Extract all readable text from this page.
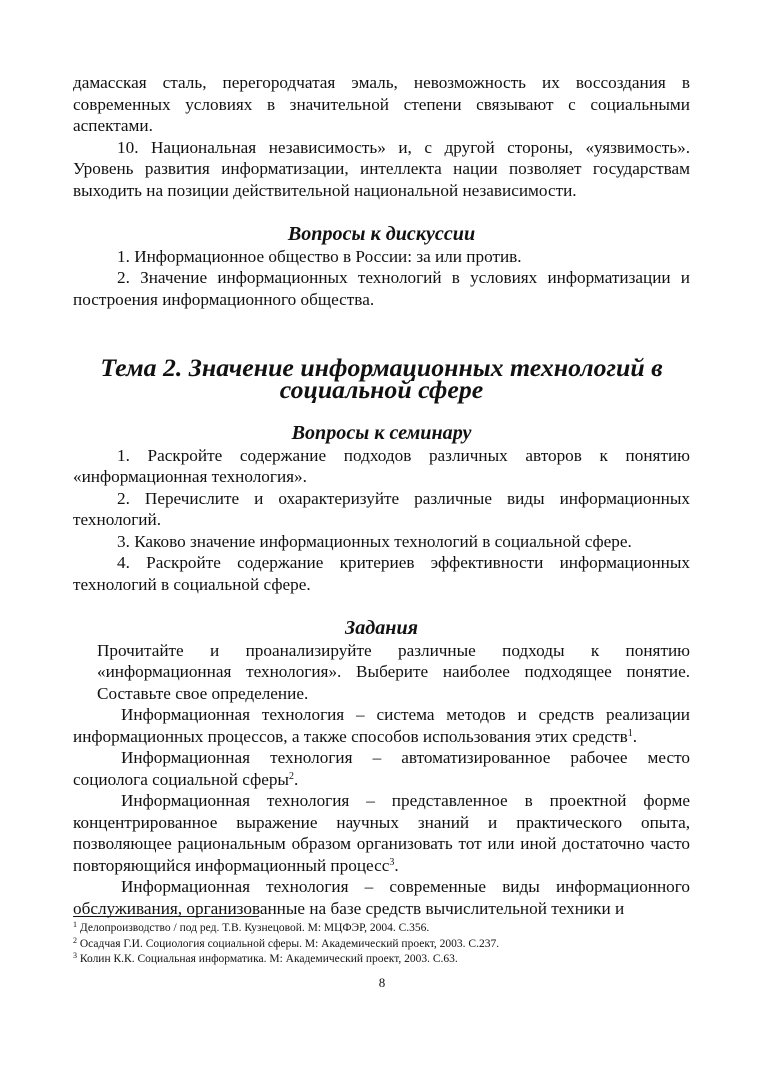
дамасская сталь, перегородчатая эмаль, невозможность их воссоздания в современных условиях в значительной степени связывают с социальными аспектами.

10. Национальная независимость» и, с другой стороны, «уязвимость». Уровень развития информатизации, интеллекта нации позволяет государствам выходить на позиции действительной национальной независимости.

Вопросы к дискуссии

1. Информационное общество в России: за или против.

2. Значение информационных технологий в условиях информатизации и построения информационного общества.

Тема 2. Значение информационных технологий в социальной сфере
Вопросы к семинару

1. Раскройте содержание подходов различных авторов к понятию «информационная технология».

2. Перечислите и охарактеризуйте различные виды информационных технологий.

3. Каково значение информационных технологий в социальной сфере.

4. Раскройте содержание критериев эффективности информационных технологий в социальной сфере.

Задания

Прочитайте и проанализируйте различные подходы к понятию «информационная технология». Выберите наиболее подходящее понятие. Составьте свое определение.

Информационная технология – система методов и средств реализации информационных процессов, а также способов использования этих средств$^1$.

Информационная технология – автоматизированное рабочее место социолога социальной сферы$^2$.

Информационная технология – представленное в проектной форме концентрированное выражение научных знаний и практического опыта, позволяющее рациональным образом организовать тот или иной достаточно часто повторяющийся информационный процесс$^3$.

Информационная технология – современные виды информационного обслуживания, организованные на базе средств вычислительной техники и

$^1$ Делопроизводство / под ред. Т.В. Кузнецовой. М: МЦФЭР, 2004. С.356.
$^2$ Осадчая Г.И. Социология социальной сферы. М: Академический проект, 2003. С.237.
$^3$ Колин К.К. Социальная информатика. М: Академический проект, 2003. С.63.
8
